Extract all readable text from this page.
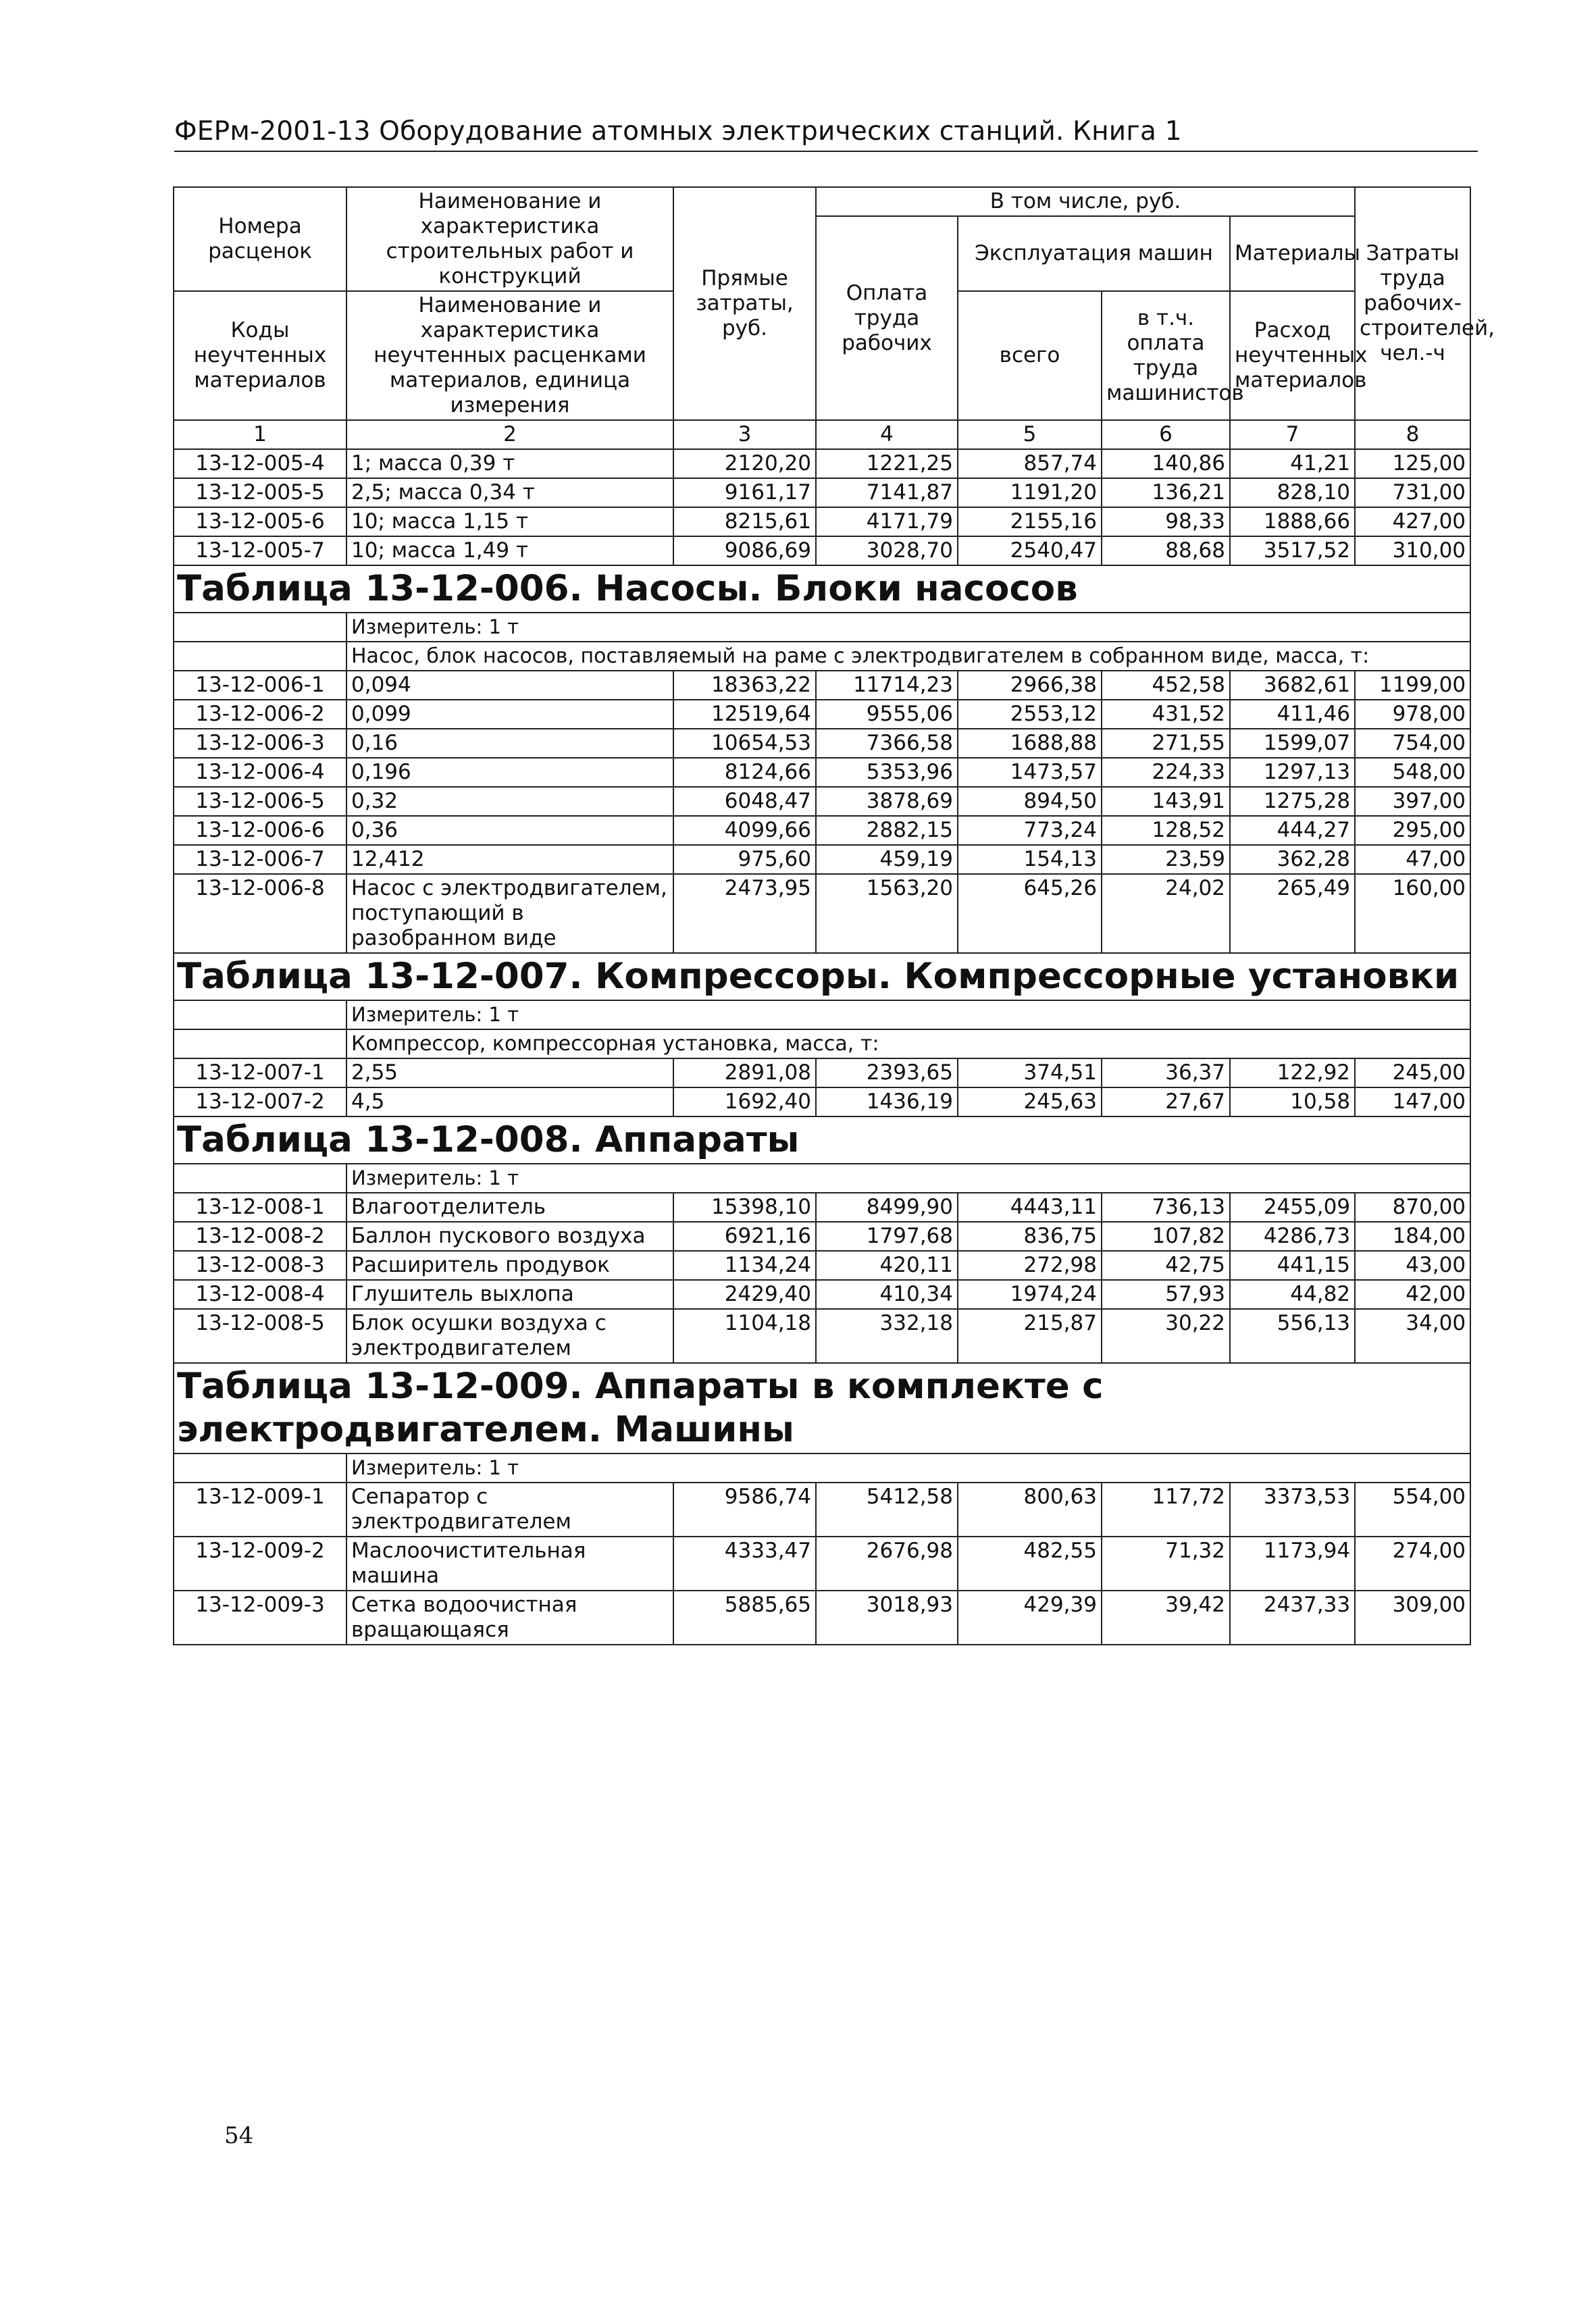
ФЕРм-2001-13 Оборудование атомных электрических станций. Книга 1
Номера расценок	Наименование и характеристика строительных работ и конструкций	Прямые затраты, руб.	В том числе, руб.				Затраты труда рабочих-строителей, чел.-ч
			Оплата труда рабочих	Эксплуатация машин		Материалы	
Коды неучтенных материалов	Наименование и характеристика неучтенных расценками материалов, единица измерения			всего	в т.ч. оплата труда машинистов	Расход неучтенных материалов	

1	2	3	4	5	6	7	8
13-12-005-4	1; масса 0,39 т	2120,20	1221,25	857,74	140,86	41,21	125,00
13-12-005-5	2,5; масса 0,34 т	9161,17	7141,87	1191,20	136,21	828,10	731,00
13-12-005-6	10; масса 1,15 т	8215,61	4171,79	2155,16	98,33	1888,66	427,00
13-12-005-7	10; масса 1,49 т	9086,69	3028,70	2540,47	88,68	3517,52	310,00
Таблица 13-12-006. Насосы. Блоки насосов							
	Измеритель: 1 т						
	Насос, блок насосов, поставляемый на раме с электродвигателем в собранном виде, масса, т:						
13-12-006-1	0,094	18363,22	11714,23	2966,38	452,58	3682,61	1199,00
13-12-006-2	0,099	12519,64	9555,06	2553,12	431,52	411,46	978,00
13-12-006-3	0,16	10654,53	7366,58	1688,88	271,55	1599,07	754,00
13-12-006-4	0,196	8124,66	5353,96	1473,57	224,33	1297,13	548,00
13-12-006-5	0,32	6048,47	3878,69	894,50	143,91	1275,28	397,00
13-12-006-6	0,36	4099,66	2882,15	773,24	128,52	444,27	295,00
13-12-006-7	12,412	975,60	459,19	154,13	23,59	362,28	47,00
13-12-006-8	Насос с электродвигателем, поступающий в разобранном виде	2473,95	1563,20	645,26	24,02	265,49	160,00
Таблица 13-12-007. Компрессоры. Компрессорные установки							
	Измеритель: 1 т						
	Компрессор, компрессорная установка, масса, т:						
13-12-007-1	2,55	2891,08	2393,65	374,51	36,37	122,92	245,00
13-12-007-2	4,5	1692,40	1436,19	245,63	27,67	10,58	147,00
Таблица 13-12-008. Аппараты							
	Измеритель: 1 т						
13-12-008-1	Влагоотделитель	15398,10	8499,90	4443,11	736,13	2455,09	870,00
13-12-008-2	Баллон пускового воздуха	6921,16	1797,68	836,75	107,82	4286,73	184,00
13-12-008-3	Расширитель продувок	1134,24	420,11	272,98	42,75	441,15	43,00
13-12-008-4	Глушитель выхлопа	2429,40	410,34	1974,24	57,93	44,82	42,00
13-12-008-5	Блок осушки воздуха с электродвигателем	1104,18	332,18	215,87	30,22	556,13	34,00
Таблица 13-12-009. Аппараты в комплекте с электродвигателем. Машины							
	Измеритель: 1 т						
13-12-009-1	Сепаратор с электродвигателем	9586,74	5412,58	800,63	117,72	3373,53	554,00
13-12-009-2	Маслоочистительная машина	4333,47	2676,98	482,55	71,32	1173,94	274,00
13-12-009-3	Сетка водоочистная вращающаяся	5885,65	3018,93	429,39	39,42	2437,33	309,00
54
